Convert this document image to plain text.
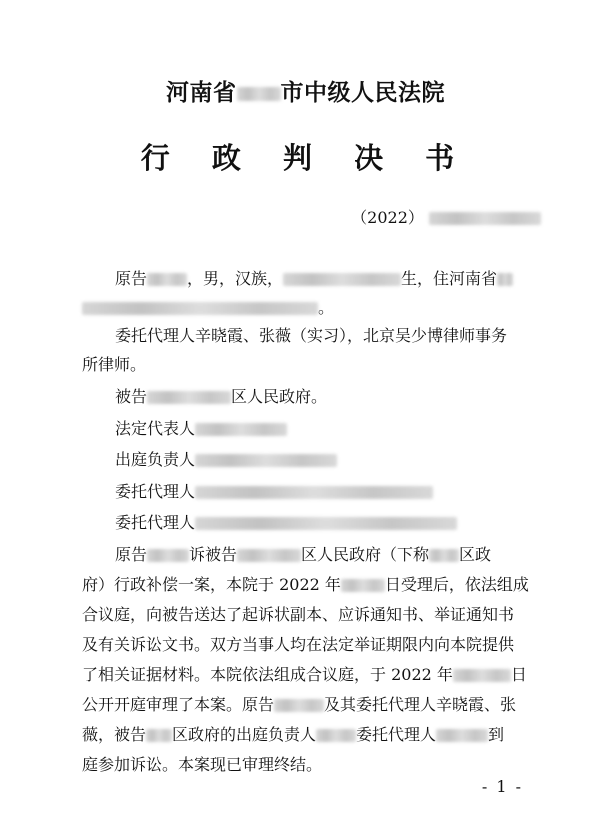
河南省 市中级人民法院
行 政 判 决 书
（2022）
原告	，男，汉族，	生，住河南省
。
委托代理人辛晓霞、张薇（实习），北京吴少博律师事务
所律师。
被告	区人民政府。
法定代表人
出庭负责人
委托代理人
委托代理人
原告	诉被告	区人民政府（下称 区政
府）行政补偿一案，本院于 2022 年	日受理后，依法组成
合议庭，向被告送达了起诉状副本、应诉通知书、举证通知书
及有关诉讼文书。双方当事人均在法定举证期限内向本院提供
了相关证据材料。本院依法组成合议庭，于 2022 年	日
公开开庭审理了本案。原告	及其委托代理人辛晓霞、张
薇，被告 区政府的出庭负责人	委托代理人	到
庭参加诉讼。本案现已审理终结。
- 1 -
